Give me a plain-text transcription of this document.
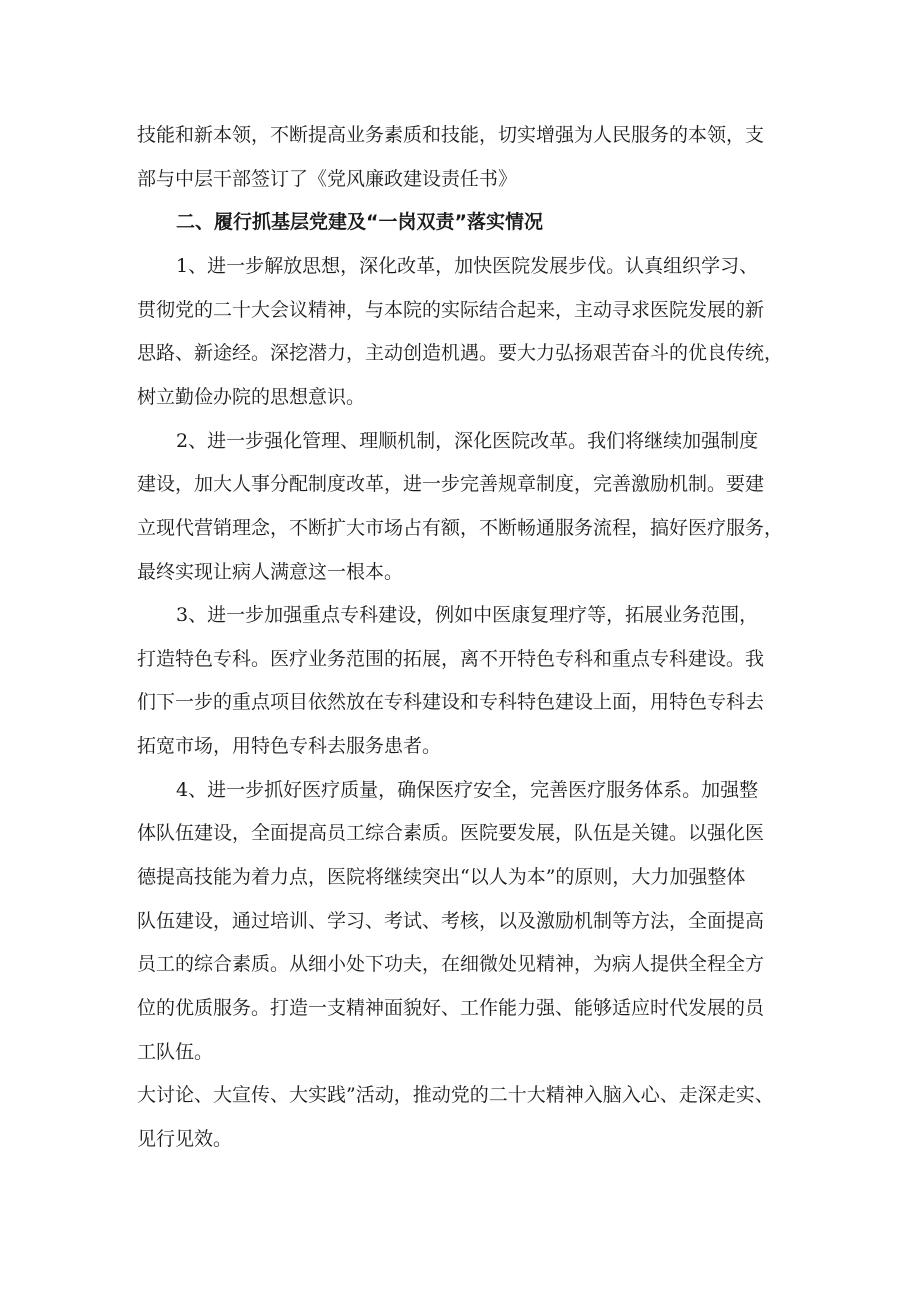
技能和新本领，不断提高业务素质和技能，切实增强为人民服务的本领，支
部与中层干部签订了《党风廉政建设责任书》
二、履行抓基层党建及“一岗双责”落实情况
1、进一步解放思想，深化改革，加快医院发展步伐。认真组织学习、
贯彻党的二十大会议精神，与本院的实际结合起来，主动寻求医院发展的新
思路、新途经。深挖潜力，主动创造机遇。要大力弘扬艰苦奋斗的优良传统，
树立勤俭办院的思想意识。
2、进一步强化管理、理顺机制，深化医院改革。我们将继续加强制度
建设，加大人事分配制度改革，进一步完善规章制度，完善激励机制。要建
立现代营销理念，不断扩大市场占有额，不断畅通服务流程，搞好医疗服务，
最终实现让病人满意这一根本。
3、进一步加强重点专科建设，例如中医康复理疗等，拓展业务范围，
打造特色专科。医疗业务范围的拓展，离不开特色专科和重点专科建设。我
们下一步的重点项目依然放在专科建设和专科特色建设上面，用特色专科去
拓宽市场，用特色专科去服务患者。
4、进一步抓好医疗质量，确保医疗安全，完善医疗服务体系。加强整
体队伍建设，全面提高员工综合素质。医院要发展，队伍是关键。以强化医
德提高技能为着力点，医院将继续突出“以人为本”的原则，大力加强整体
队伍建设，通过培训、学习、考试、考核，以及激励机制等方法，全面提高
员工的综合素质。从细小处下功夫，在细微处见精神，为病人提供全程全方
位的优质服务。打造一支精神面貌好、工作能力强、能够适应时代发展的员
工队伍。
大讨论、大宣传、大实践”活动，推动党的二十大精神入脑入心、走深走实、
见行见效。
